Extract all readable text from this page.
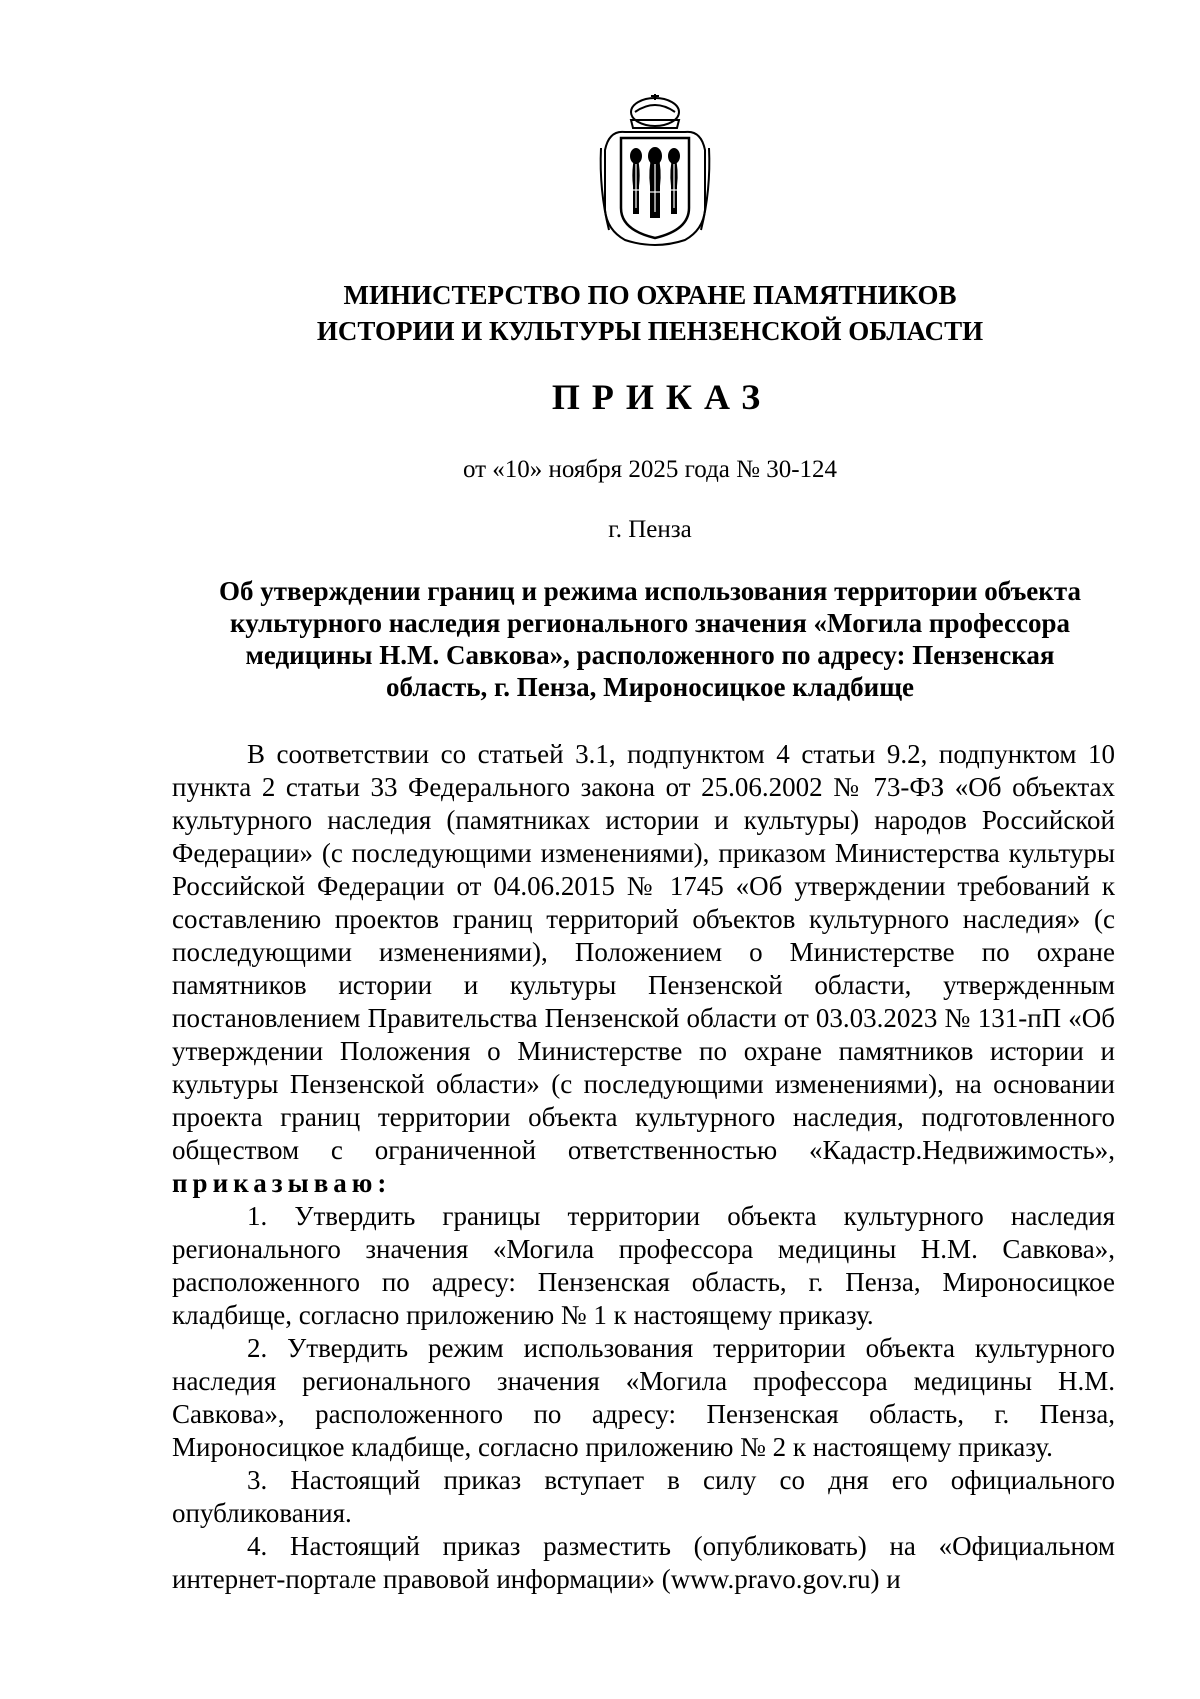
МИНИСТЕРСТВО ПО ОХРАНЕ ПАМЯТНИКОВ
ИСТОРИИ И КУЛЬТУРЫ ПЕНЗЕНСКОЙ ОБЛАСТИ
ПРИКАЗ
от «10» ноября 2025 года № 30-124
г. Пенза
Об утверждении границ и режима использования территории объекта
культурного наследия регионального значения «Могила профессора
медицины Н.М. Савкова», расположенного по адресу: Пензенская
область, г. Пенза, Мироносицкое кладбище

В соответствии со статьей 3.1, подпунктом 4 статьи 9.2, подпунктом 10 пункта 2 статьи 33 Федерального закона от 25.06.2002 № 73-ФЗ «Об объектах культурного наследия (памятниках истории и культуры) народов Российской Федерации» (с последующими изменениями), приказом Министерства культуры Российской Федерации от 04.06.2015 № 1745 «Об утверждении требований к составлению проектов границ территорий объектов культурного наследия» (с последующими изменениями), Положением о Министерстве по охране памятников истории и культуры Пензенской области, утвержденным постановлением Правительства Пензенской области от 03.03.2023 № 131-пП «Об утверждении Положения о Министерстве по охране памятников истории и культуры Пензенской области» (с последующими изменениями), на основании проекта границ территории объекта культурного наследия, подготовленного обществом с ограниченной ответственностью «Кадастр.Недвижимость», приказываю:

1. Утвердить границы территории объекта культурного наследия регионального значения «Могила профессора медицины Н.М. Савкова», расположенного по адресу: Пензенская область, г. Пенза, Мироносицкое кладбище, согласно приложению № 1 к настоящему приказу.

2. Утвердить режим использования территории объекта культурного наследия регионального значения «Могила профессора медицины Н.М. Савкова», расположенного по адресу: Пензенская область, г. Пенза, Мироносицкое кладбище, согласно приложению № 2 к настоящему приказу.

3. Настоящий приказ вступает в силу со дня его официального опубликования.

4. Настоящий приказ разместить (опубликовать) на «Официальном интернет-портале правовой информации» (www.pravo.gov.ru) и
